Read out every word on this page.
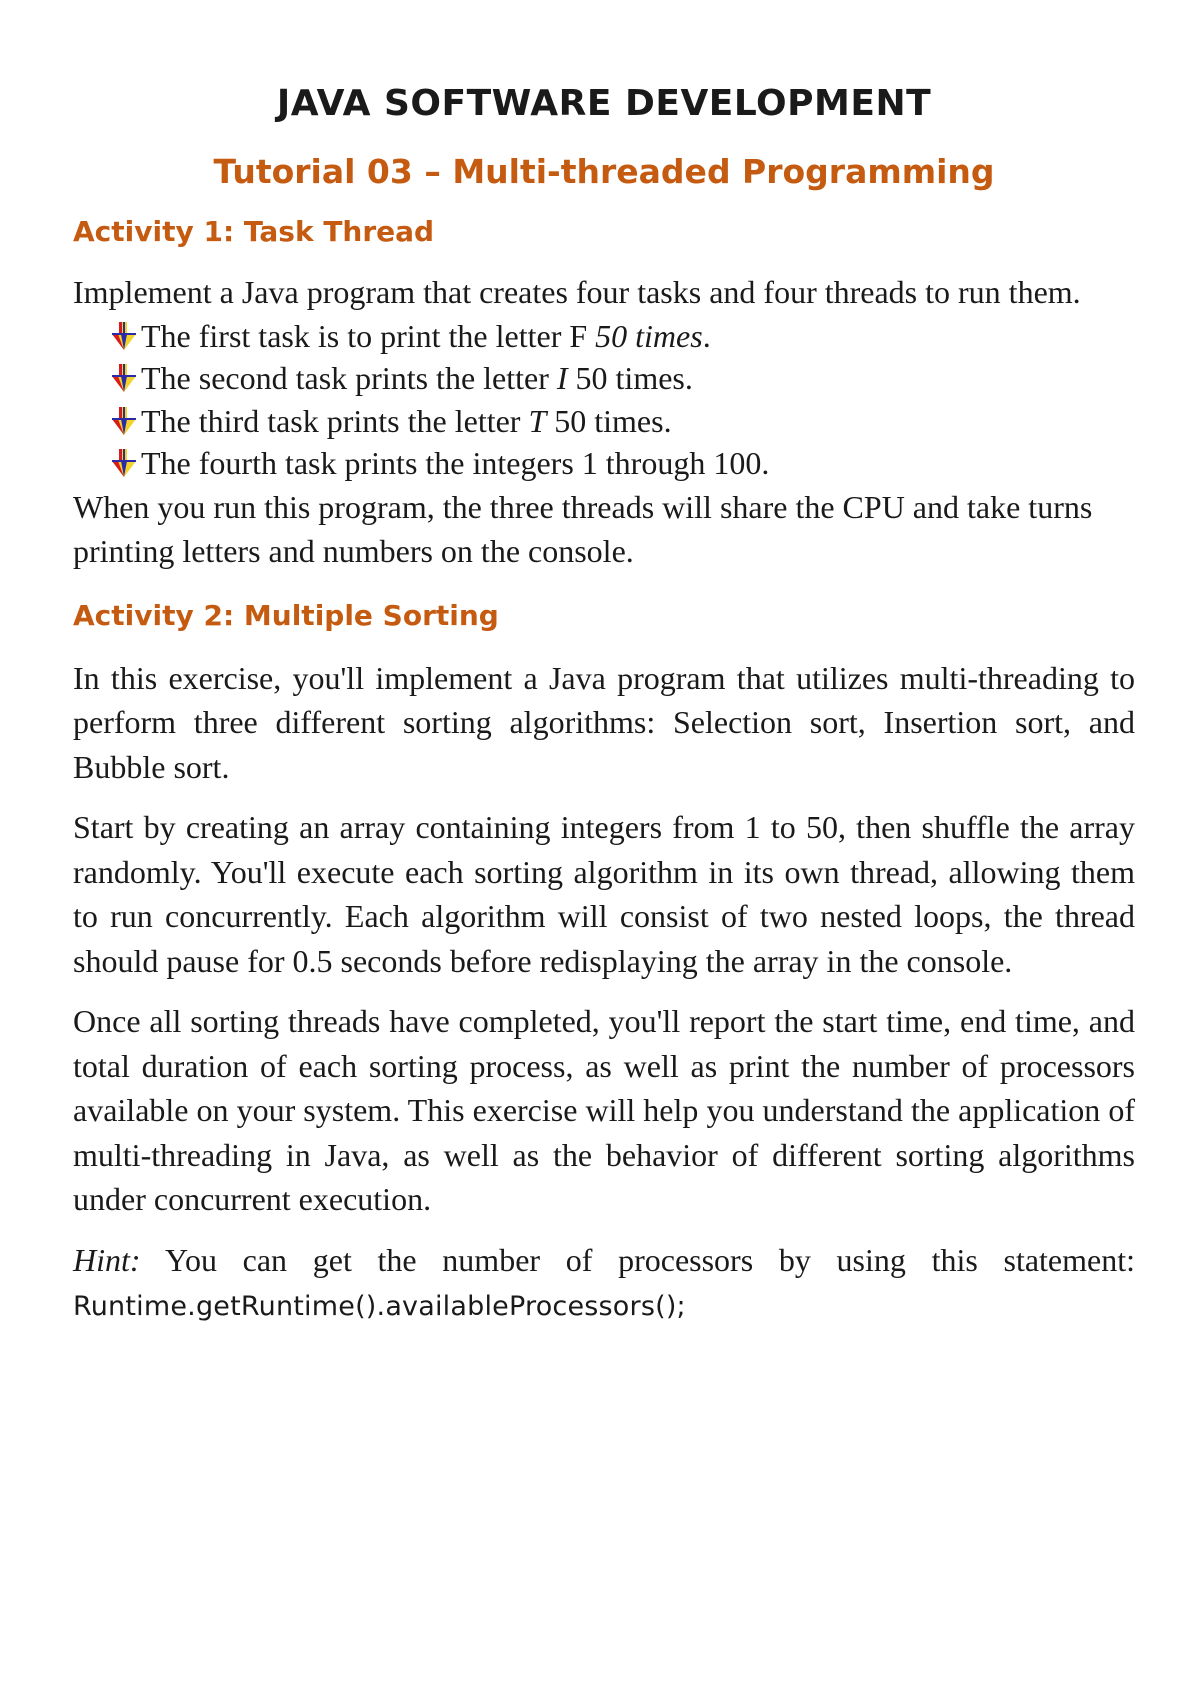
JAVA SOFTWARE DEVELOPMENT
Tutorial 03 – Multi-threaded Programming
Activity 1: Task Thread

Implement a Java program that creates four tasks and four threads to run them.

The first task is to print the letter F 50 times.
The second task prints the letter I 50 times.
The third task prints the letter T 50 times.
The fourth task prints the integers 1 through 100.

When you run this program, the three threads will share the CPU and take turns printing letters and numbers on the console.

Activity 2: Multiple Sorting

In this exercise, you'll implement a Java program that utilizes multi-threading to perform three different sorting algorithms: Selection sort, Insertion sort, and Bubble sort.

Start by creating an array containing integers from 1 to 50, then shuffle the array randomly. You'll execute each sorting algorithm in its own thread, allowing them to run concurrently. Each algorithm will consist of two nested loops, the thread should pause for 0.5 seconds before redisplaying the array in the console.

Once all sorting threads have completed, you'll report the start time, end time, and total duration of each sorting process, as well as print the number of processors available on your system. This exercise will help you understand the application of multi-threading in Java, as well as the behavior of different sorting algorithms under concurrent execution.

Hint: You can get the number of processors by using this statement: Runtime.getRuntime().availableProcessors();
